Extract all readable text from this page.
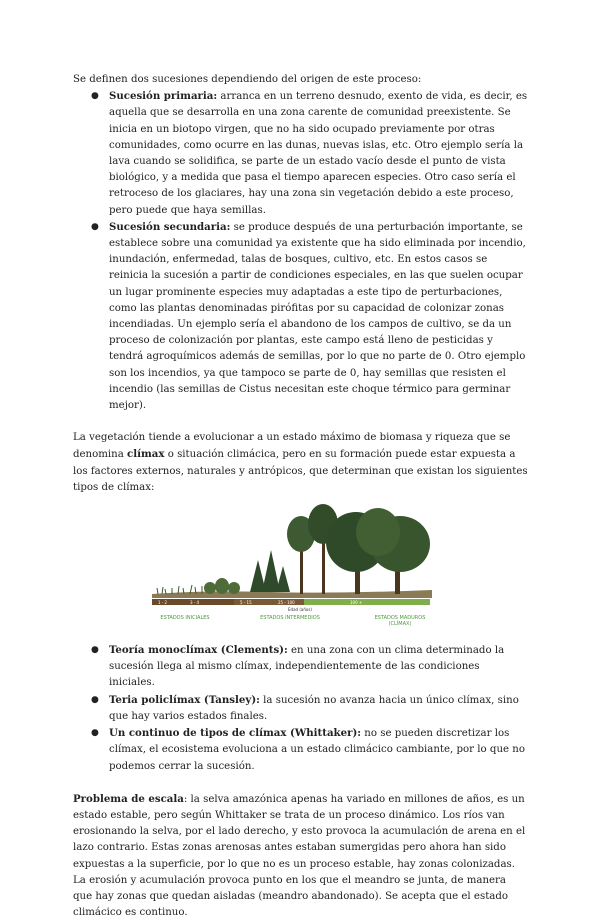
Se definen dos sucesiones dependiendo del origen de este proceso:

● Sucesión primaria: arranca en un terreno desnudo, exento de vida, es decir, es aquella que se desarrolla en una zona carente de comunidad preexistente. Se inicia en un biotopo virgen, que no ha sido ocupado previamente por otras comunidades, como ocurre en las dunas, nuevas islas, etc. Otro ejemplo sería la lava cuando se solidifica, se parte de un estado vacío desde el punto de vista biológico, y a medida que pasa el tiempo aparecen especies. Otro caso sería el retroceso de los glaciares, hay una zona sin vegetación debido a este proceso, pero puede que haya semillas.
● Sucesión secundaria: se produce después de una perturbación importante, se establece sobre una comunidad ya existente que ha sido eliminada por incendio, inundación, enfermedad, talas de bosques, cultivo, etc. En estos casos se reinicia la sucesión a partir de condiciones especiales, en las que suelen ocupar un lugar prominente especies muy adaptadas a este tipo de perturbaciones, como las plantas denominadas pirófitas por su capacidad de colonizar zonas incendiadas. Un ejemplo sería el abandono de los campos de cultivo, se da un proceso de colonización por plantas, este campo está lleno de pesticidas y tendrá agroquímicos además de semillas, por lo que no parte de 0. Otro ejemplo son los incendios, ya que tampoco se parte de 0, hay semillas que resisten el incendio (las semillas de Cistus necesitan este choque térmico para germinar mejor).

La vegetación tiende a evolucionar a un estado máximo de biomasa y riqueza que se denomina clímax o situación climácica, pero en su formación puede estar expuesta a los factores externos, naturales y antrópicos, que determinan que existan los siguientes tipos de clímax:

1 - 2	3 - 4	5 - 15	25 - 100	100 +
Edad (años)
ESTADOS INICIALES	ESTADOS INTERMEDIOS	ESTADOS MADUROS
(CLÍMAX)
● Teoría monoclímax (Clements): en una zona con un clima determinado la sucesión llega al mismo clímax, independientemente de las condiciones iniciales.
● Teria policlímax (Tansley): la sucesión no avanza hacia un único clímax, sino que hay varios estados finales.
● Un continuo de tipos de clímax (Whittaker): no se pueden discretizar los clímax, el ecosistema evoluciona a un estado climácico cambiante, por lo que no podemos cerrar la sucesión.

Problema de escala: la selva amazónica apenas ha variado en millones de años, es un estado estable, pero según Whittaker se trata de un proceso dinámico. Los ríos van erosionando la selva, por el lado derecho, y esto provoca la acumulación de arena en el lazo contrario. Estas zonas arenosas antes estaban sumergidas pero ahora han sido expuestas a la superficie, por lo que no es un proceso estable, hay zonas colonizadas. La erosión y acumulación provoca punto en los que el meandro se junta, de manera que hay zonas que quedan aisladas (meandro abandonado). Se acepta que el estado climácico es continuo.
